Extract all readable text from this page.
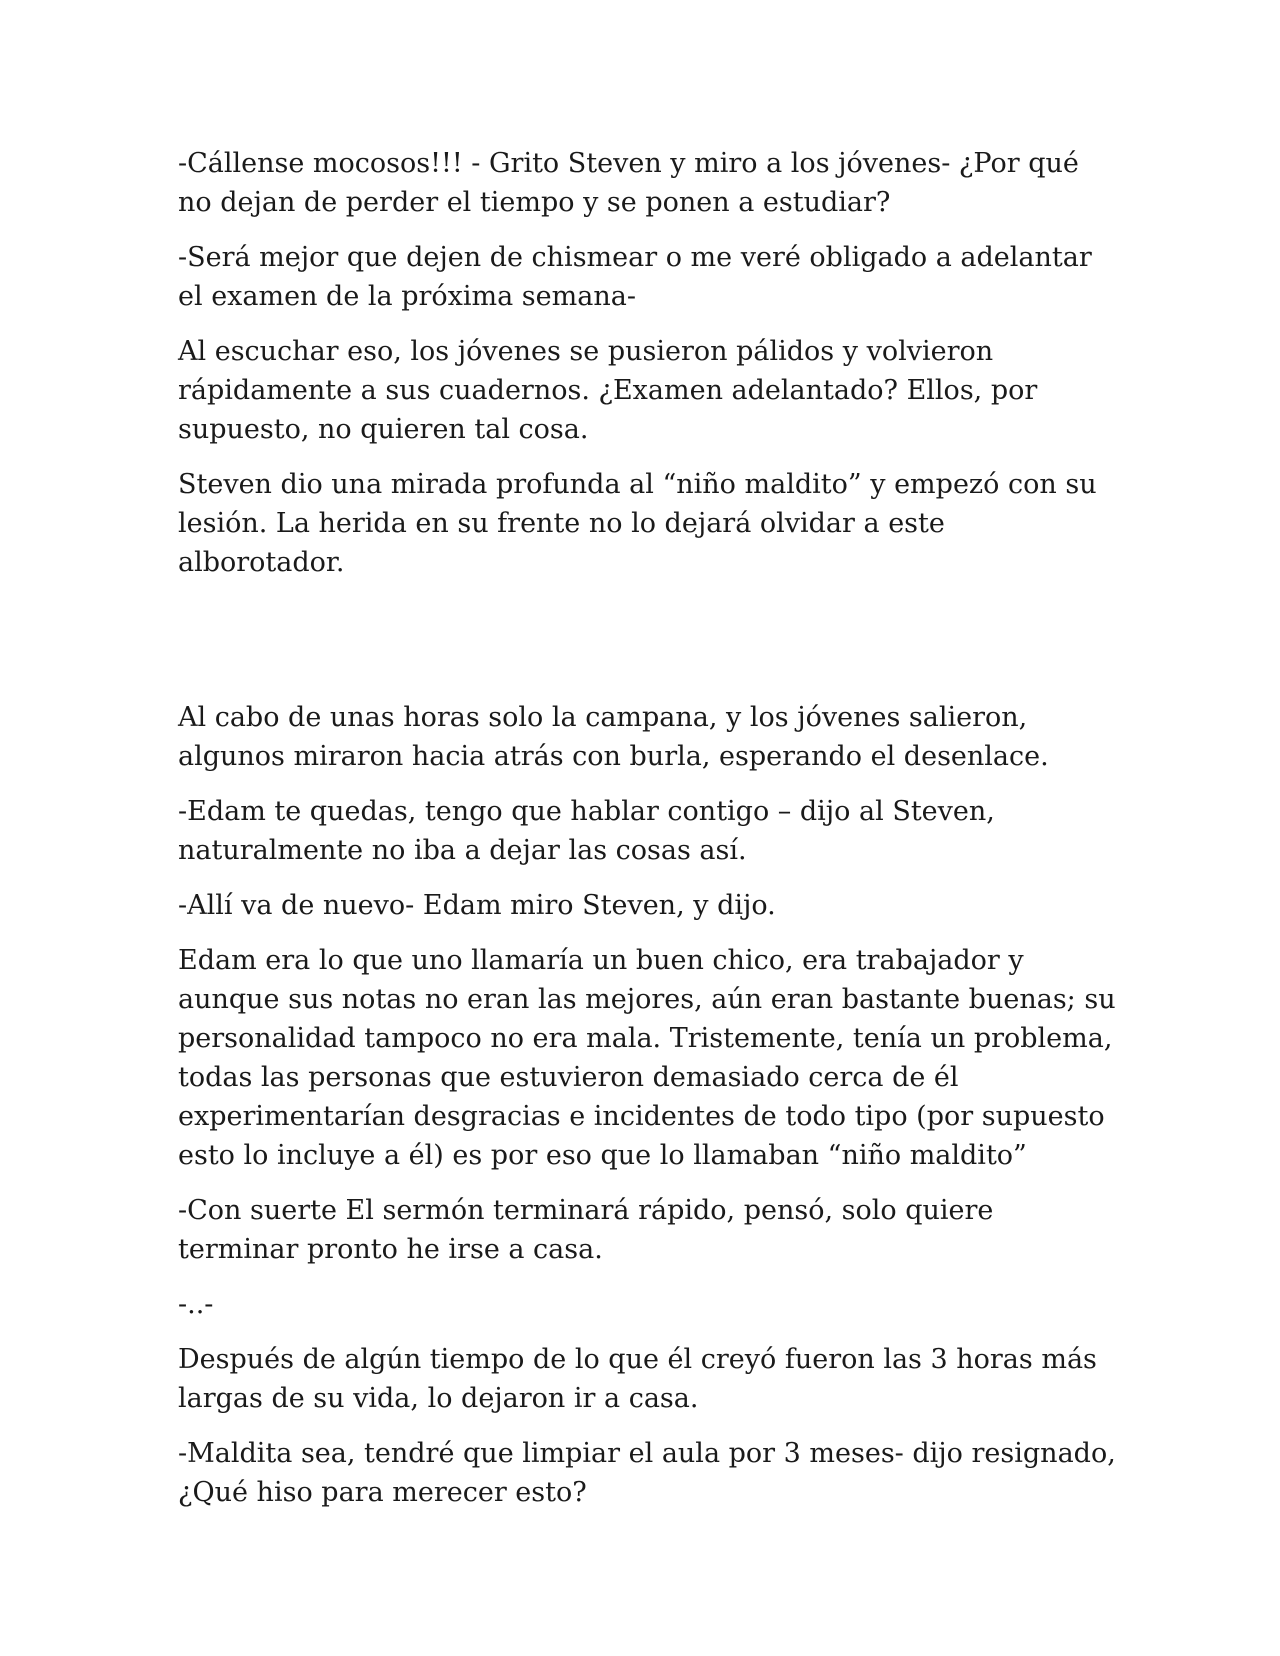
-Cállense mocosos!!! - Grito Steven y miro a los jóvenes- ¿Por qué no dejan de perder el tiempo y se ponen a estudiar?

-Será mejor que dejen de chismear o me veré obligado a adelantar el examen de la próxima semana-

Al escuchar eso, los jóvenes se pusieron pálidos y volvieron rápidamente a sus cuadernos. ¿Examen adelantado? Ellos, por supuesto, no quieren tal cosa.

Steven dio una mirada profunda al “niño maldito” y empezó con su lesión. La herida en su frente no lo dejará olvidar a este alborotador.

Al cabo de unas horas solo la campana, y los jóvenes salieron, algunos miraron hacia atrás con burla, esperando el desenlace.

-Edam te quedas, tengo que hablar contigo – dijo al Steven, naturalmente no iba a dejar las cosas así.

-Allí va de nuevo- Edam miro Steven, y dijo.

Edam era lo que uno llamaría un buen chico, era trabajador y aunque sus notas no eran las mejores, aún eran bastante buenas; su personalidad tampoco no era mala. Tristemente, tenía un problema, todas las personas que estuvieron demasiado cerca de él experimentarían desgracias e incidentes de todo tipo (por supuesto esto lo incluye a él) es por eso que lo llamaban “niño maldito”

-Con suerte El sermón terminará rápido, pensó, solo quiere terminar pronto he irse a casa.

-..-

Después de algún tiempo de lo que él creyó fueron las 3 horas más largas de su vida, lo dejaron ir a casa.

-Maldita sea, tendré que limpiar el aula por 3 meses- dijo resignado, ¿Qué hiso para merecer esto?
